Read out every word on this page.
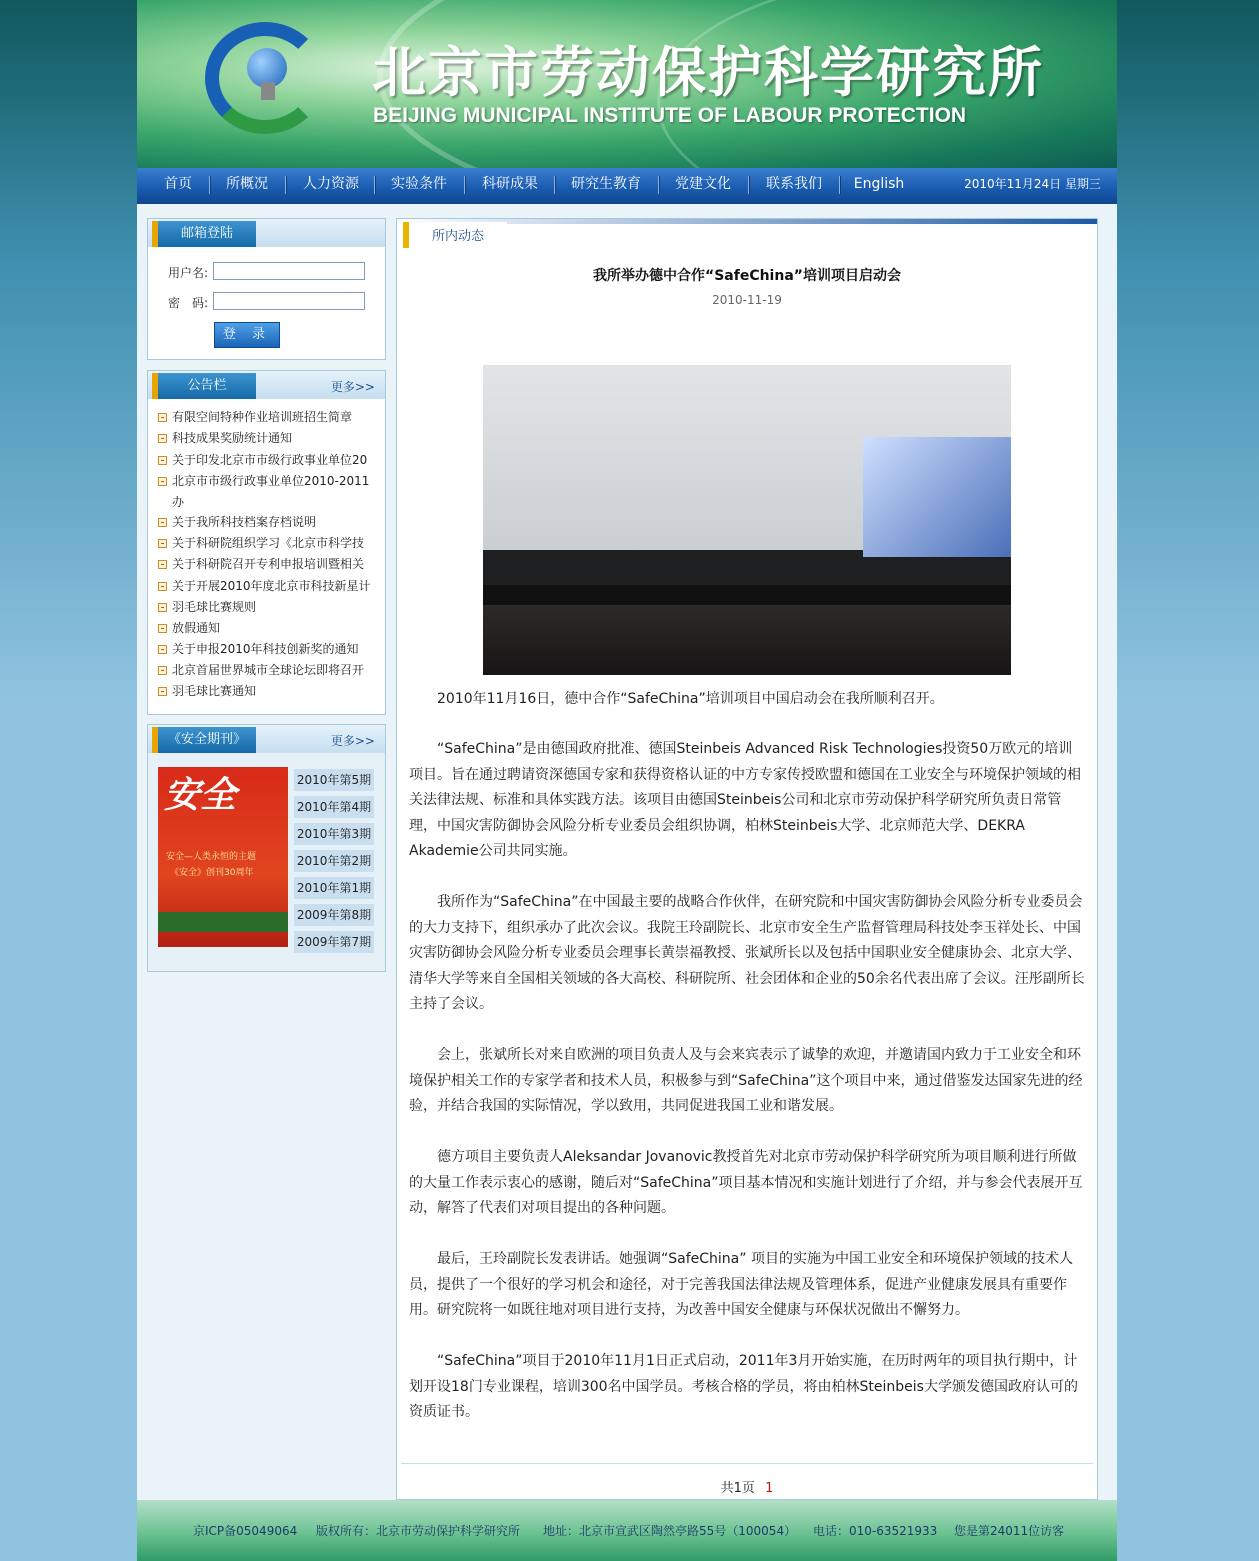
北京市劳动保护科学研究所
BEIJING MUNICIPAL INSTITUTE OF LABOUR PROTECTION
首页	所概况	人力资源	实验条件	科研成果	研究生教育	党建文化	联系我们	English	2010年11月24日 星期三
邮箱登陆
用户名:
密　码:
登 录
公告栏	更多>>
有限空间特种作业培训班招生简章
科技成果奖励统计通知
关于印发北京市市级行政事业单位20
北京市市级行政事业单位2010-2011办
关于我所科技档案存档说明
关于科研院组织学习《北京市科学技
关于科研院召开专利申报培训暨相关
关于开展2010年度北京市科技新星计
羽毛球比赛规则
放假通知
关于申报2010年科技创新奖的通知
北京首届世界城市全球论坛即将召开
羽毛球比赛通知
《安全期刊》	更多>>
安全
安全—人类永恒的主题
《安全》创刊30周年
2010年第5期
2010年第4期
2010年第3期
2010年第2期
2010年第1期
2009年第8期
2009年第7期
所内动态
我所举办德中合作“SafeChina”培训项目启动会
2010-11-19

2010年11月16日，德中合作“SafeChina”培训项目中国启动会在我所顺利召开。

“SafeChina”是由德国政府批准、德国Steinbeis Advanced Risk Technologies投资50万欧元的培训项目。旨在通过聘请资深德国专家和获得资格认证的中方专家传授欧盟和德国在工业安全与环境保护领域的相关法律法规、标准和具体实践方法。该项目由德国Steinbeis公司和北京市劳动保护科学研究所负责日常管理，中国灾害防御协会风险分析专业委员会组织协调，柏林Steinbeis大学、北京师范大学、DEKRA Akademie公司共同实施。

我所作为“SafeChina”在中国最主要的战略合作伙伴，在研究院和中国灾害防御协会风险分析专业委员会的大力支持下，组织承办了此次会议。我院王玲副院长、北京市安全生产监督管理局科技处李玉祥处长、中国灾害防御协会风险分析专业委员会理事长黄崇福教授、张斌所长以及包括中国职业安全健康协会、北京大学、清华大学等来自全国相关领域的各大高校、科研院所、社会团体和企业的50余名代表出席了会议。汪彤副所长主持了会议。

会上，张斌所长对来自欧洲的项目负责人及与会来宾表示了诚挚的欢迎，并邀请国内致力于工业安全和环境保护相关工作的专家学者和技术人员，积极参与到“SafeChina”这个项目中来，通过借鉴发达国家先进的经验，并结合我国的实际情况，学以致用，共同促进我国工业和谐发展。

德方项目主要负责人Aleksandar Jovanovic教授首先对北京市劳动保护科学研究所为项目顺利进行所做的大量工作表示衷心的感谢，随后对“SafeChina”项目基本情况和实施计划进行了介绍，并与参会代表展开互动，解答了代表们对项目提出的各种问题。

最后，王玲副院长发表讲话。她强调“SafeChina” 项目的实施为中国工业安全和环境保护领域的技术人员，提供了一个很好的学习机会和途径，对于完善我国法律法规及管理体系，促进产业健康发展具有重要作用。研究院将一如既往地对项目进行支持，为改善中国安全健康与环保状况做出不懈努力。

“SafeChina”项目于2010年11月1日正式启动，2011年3月开始实施，在历时两年的项目执行期中，计划开设18门专业课程，培训300名中国学员。考核合格的学员，将由柏林Steinbeis大学颁发德国政府认可的资质证书。

共1页 1
京ICP备05049064 版权所有：北京市劳动保护科学研究所 地址：北京市宣武区陶然亭路55号（100054） 电话：010-63521933 您是第24011位访客
